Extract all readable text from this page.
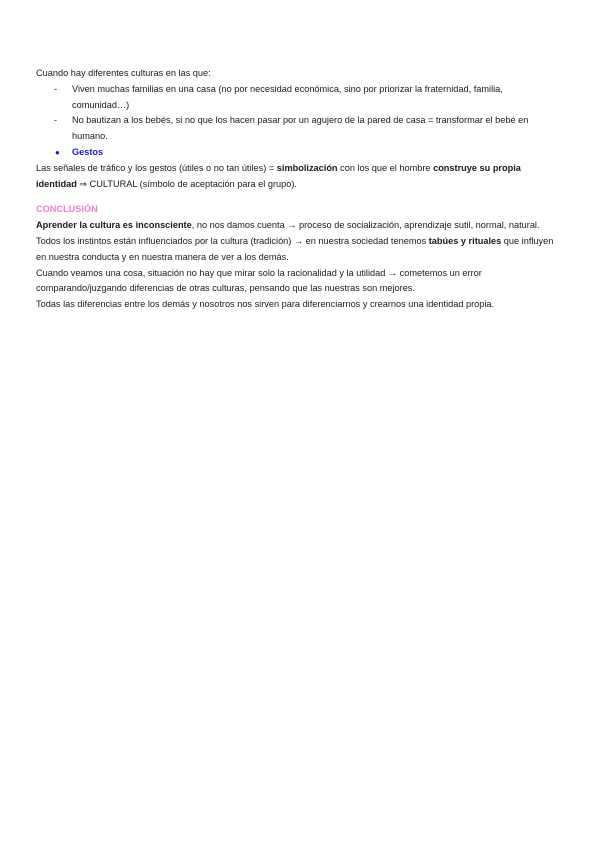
Cuando hay diferentes culturas en las que:
- Viven muchas familias en una casa (no por necesidad económica, sino por priorizar la fraternidad, familia, comunidad…)
- No bautizan a los bebés, si no que los hacen pasar por un agujero de la pared de casa = transformar el bebé en humano.
● Gestos
Las señales de tráfico y los gestos (útiles o no tan útiles) = simbolización con los que el hombre construye su propia identidad ⇒ CULTURAL (símbolo de aceptación para el grupo).
CONCLUSIÓN
Aprender la cultura es inconsciente, no nos damos cuenta → proceso de socialización, aprendizaje sutil, normal, natural.
Todos los instintos están influenciados por la cultura (tradición) → en nuestra sociedad tenemos tabúes y rituales que influyen en nuestra conducta y en nuestra manera de ver a los demás.
Cuando veamos una cosa, situación no hay que mirar solo la racionalidad y la utilidad → cometemos un error comparando/juzgando diferencias de otras culturas, pensando que las nuestras son mejores.
Todas las diferencias entre los demás y nosotros nos sirven para diferenciarnos y crearnos una identidad propia.
